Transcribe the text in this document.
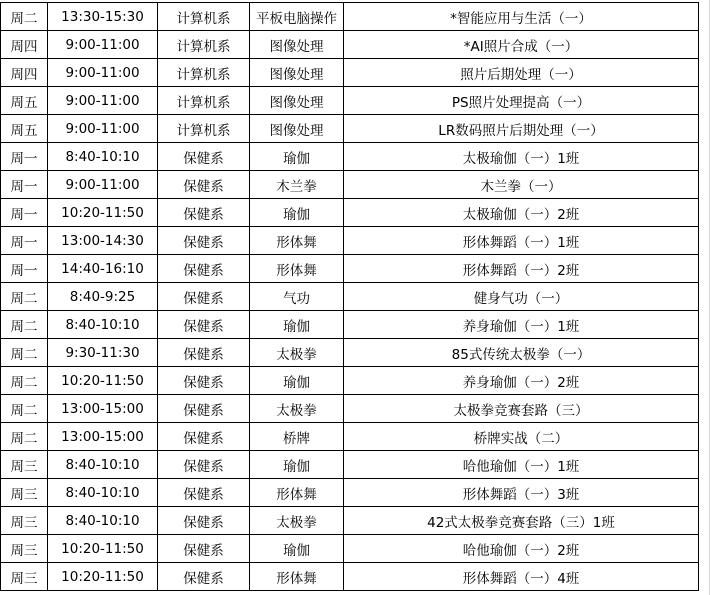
周二	13:30-15:30	计算机系	平板电脑操作	*智能应用与生活（一）
周四	9:00-11:00	计算机系	图像处理	*AI照片合成（一）
周四	9:00-11:00	计算机系	图像处理	照片后期处理（一）
周五	9:00-11:00	计算机系	图像处理	PS照片处理提高（一）
周五	9:00-11:00	计算机系	图像处理	LR数码照片后期处理（一）
周一	8:40-10:10	保健系	瑜伽	太极瑜伽（一）1班
周一	9:00-11:00	保健系	木兰拳	木兰拳（一）
周一	10:20-11:50	保健系	瑜伽	太极瑜伽（一）2班
周一	13:00-14:30	保健系	形体舞	形体舞蹈（一）1班
周一	14:40-16:10	保健系	形体舞	形体舞蹈（一）2班
周二	8:40-9:25	保健系	气功	健身气功（一）
周二	8:40-10:10	保健系	瑜伽	养身瑜伽（一）1班
周二	9:30-11:30	保健系	太极拳	85式传统太极拳（一）
周二	10:20-11:50	保健系	瑜伽	养身瑜伽（一）2班
周二	13:00-15:00	保健系	太极拳	太极拳竞赛套路（三）
周二	13:00-15:00	保健系	桥牌	桥牌实战（二）
周三	8:40-10:10	保健系	瑜伽	哈他瑜伽（一）1班
周三	8:40-10:10	保健系	形体舞	形体舞蹈（一）3班
周三	8:40-10:10	保健系	太极拳	42式太极拳竞赛套路（三）1班
周三	10:20-11:50	保健系	瑜伽	哈他瑜伽（一）2班
周三	10:20-11:50	保健系	形体舞	形体舞蹈（一）4班
